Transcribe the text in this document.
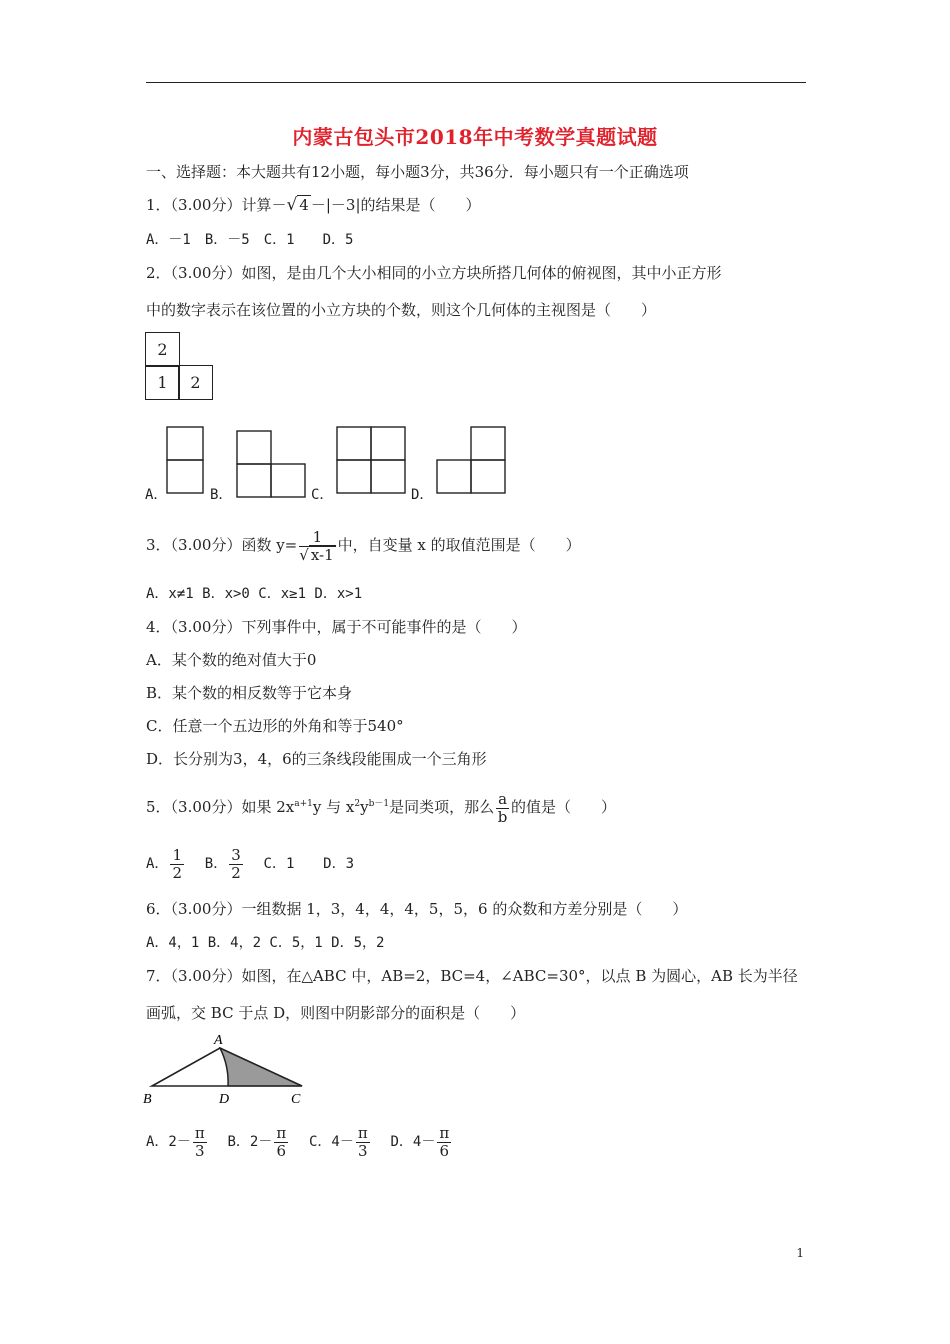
内蒙古包头市2018年中考数学真题试题
一、选择题：本大题共有12小题，每小题3分，共36分．每小题只有一个正确选项
1．（3.00分）计算－√ 4 －|－3|的结果是（　　）
A．－1　B．－5　C．1　　D．5
2．（3.00分）如图，是由几个大小相同的小立方块所搭几何体的俯视图，其中小正方形
中的数字表示在该位置的小立方块的个数，则这个几何体的主视图是（　　）
2
1	2
A．	B．	C．	D．
3．（3.00分）函数 $y= \frac{1}{√ x-1}$ 中，自变量 x 的取值范围是（　　）
A．x≠1 B．x>0 C．x≥1 D．x>1
4．（3.00分）下列事件中，属于不可能事件的是（　　）
A．某个数的绝对值大于0
B．某个数的相反数等于它本身
C．任意一个五边形的外角和等于540°
D．长分别为3，4，6的三条线段能围成一个三角形
5．（3.00分）如果 $2x^{a+1}y$ 与 $x^2y^{b-1}$是同类项，那么 $\frac{a}{b}$ 的值是（　　）
A． $\frac{1}{2}$ B． $\frac{3}{2}$ C．1 D．3
6．（3.00分）一组数据 1，3，4，4，4，5，5，6 的众数和方差分别是（　　）
A．4，1 B．4，2 C．5，1 D．5，2
7．（3.00分）如图，在△ABC 中，AB=2，BC=4，∠ABC=30°，以点 B 为圆心，AB 长为半径
画弧，交 BC 于点 D，则图中阴影部分的面积是（　　）
A
B	D	C
A．$2- \frac{\pi}{3}$ B．$2- \frac{\pi}{6}$ C．$4- \frac{\pi}{3}$ D．$4- \frac{\pi}{6}$
1
